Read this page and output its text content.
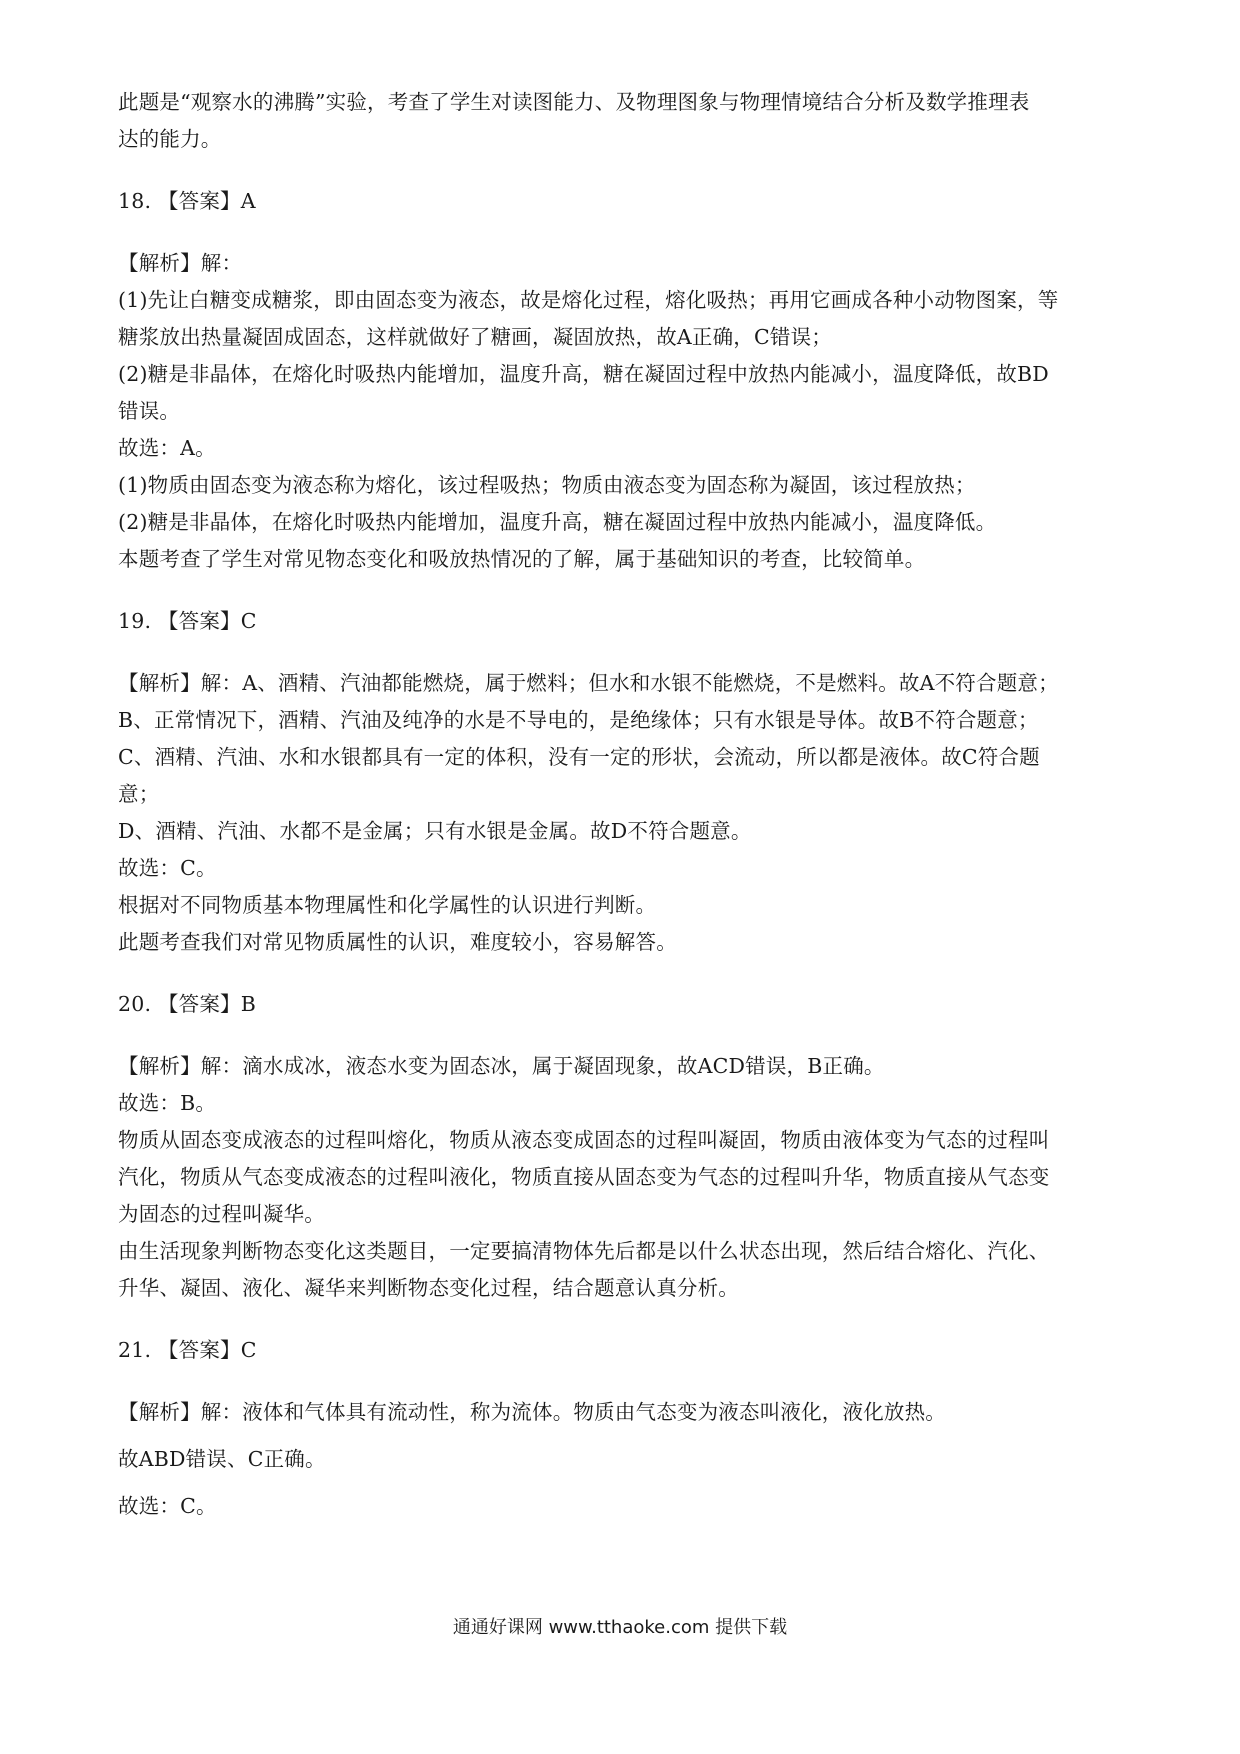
此题是“观察水的沸腾”实验，考查了学生对读图能力、及物理图象与物理情境结合分析及数学推理表

达的能力。

18. 【答案】A

【解析】解：

(1)先让白糖变成糖浆，即由固态变为液态，故是熔化过程，熔化吸热；再用它画成各种小动物图案，等

糖浆放出热量凝固成固态，这样就做好了糖画，凝固放热，故A正确，C错误；

(2)糖是非晶体，在熔化时吸热内能增加，温度升高，糖在凝固过程中放热内能减小，温度降低，故BD

错误。

故选：A。

(1)物质由固态变为液态称为熔化，该过程吸热；物质由液态变为固态称为凝固，该过程放热；

(2)糖是非晶体，在熔化时吸热内能增加，温度升高，糖在凝固过程中放热内能减小，温度降低。

本题考查了学生对常见物态变化和吸放热情况的了解，属于基础知识的考查，比较简单。

19. 【答案】C

【解析】解：A、酒精、汽油都能燃烧，属于燃料；但水和水银不能燃烧，不是燃料。故A不符合题意；

B、正常情况下，酒精、汽油及纯净的水是不导电的，是绝缘体；只有水银是导体。故B不符合题意；

C、酒精、汽油、水和水银都具有一定的体积，没有一定的形状，会流动，所以都是液体。故C符合题

意；

D、酒精、汽油、水都不是金属；只有水银是金属。故D不符合题意。

故选：C。

根据对不同物质基本物理属性和化学属性的认识进行判断。

此题考查我们对常见物质属性的认识，难度较小，容易解答。

20. 【答案】B

【解析】解：滴水成冰，液态水变为固态冰，属于凝固现象，故ACD错误，B正确。

故选：B。

物质从固态变成液态的过程叫熔化，物质从液态变成固态的过程叫凝固，物质由液体变为气态的过程叫

汽化，物质从气态变成液态的过程叫液化，物质直接从固态变为气态的过程叫升华，物质直接从气态变

为固态的过程叫凝华。

由生活现象判断物态变化这类题目，一定要搞清物体先后都是以什么状态出现，然后结合熔化、汽化、

升华、凝固、液化、凝华来判断物态变化过程，结合题意认真分析。

21. 【答案】C

【解析】解：液体和气体具有流动性，称为流体。物质由气态变为液态叫液化，液化放热。

故ABD错误、C正确。

故选：C。

通通好课网 www.tthaoke.com 提供下载
